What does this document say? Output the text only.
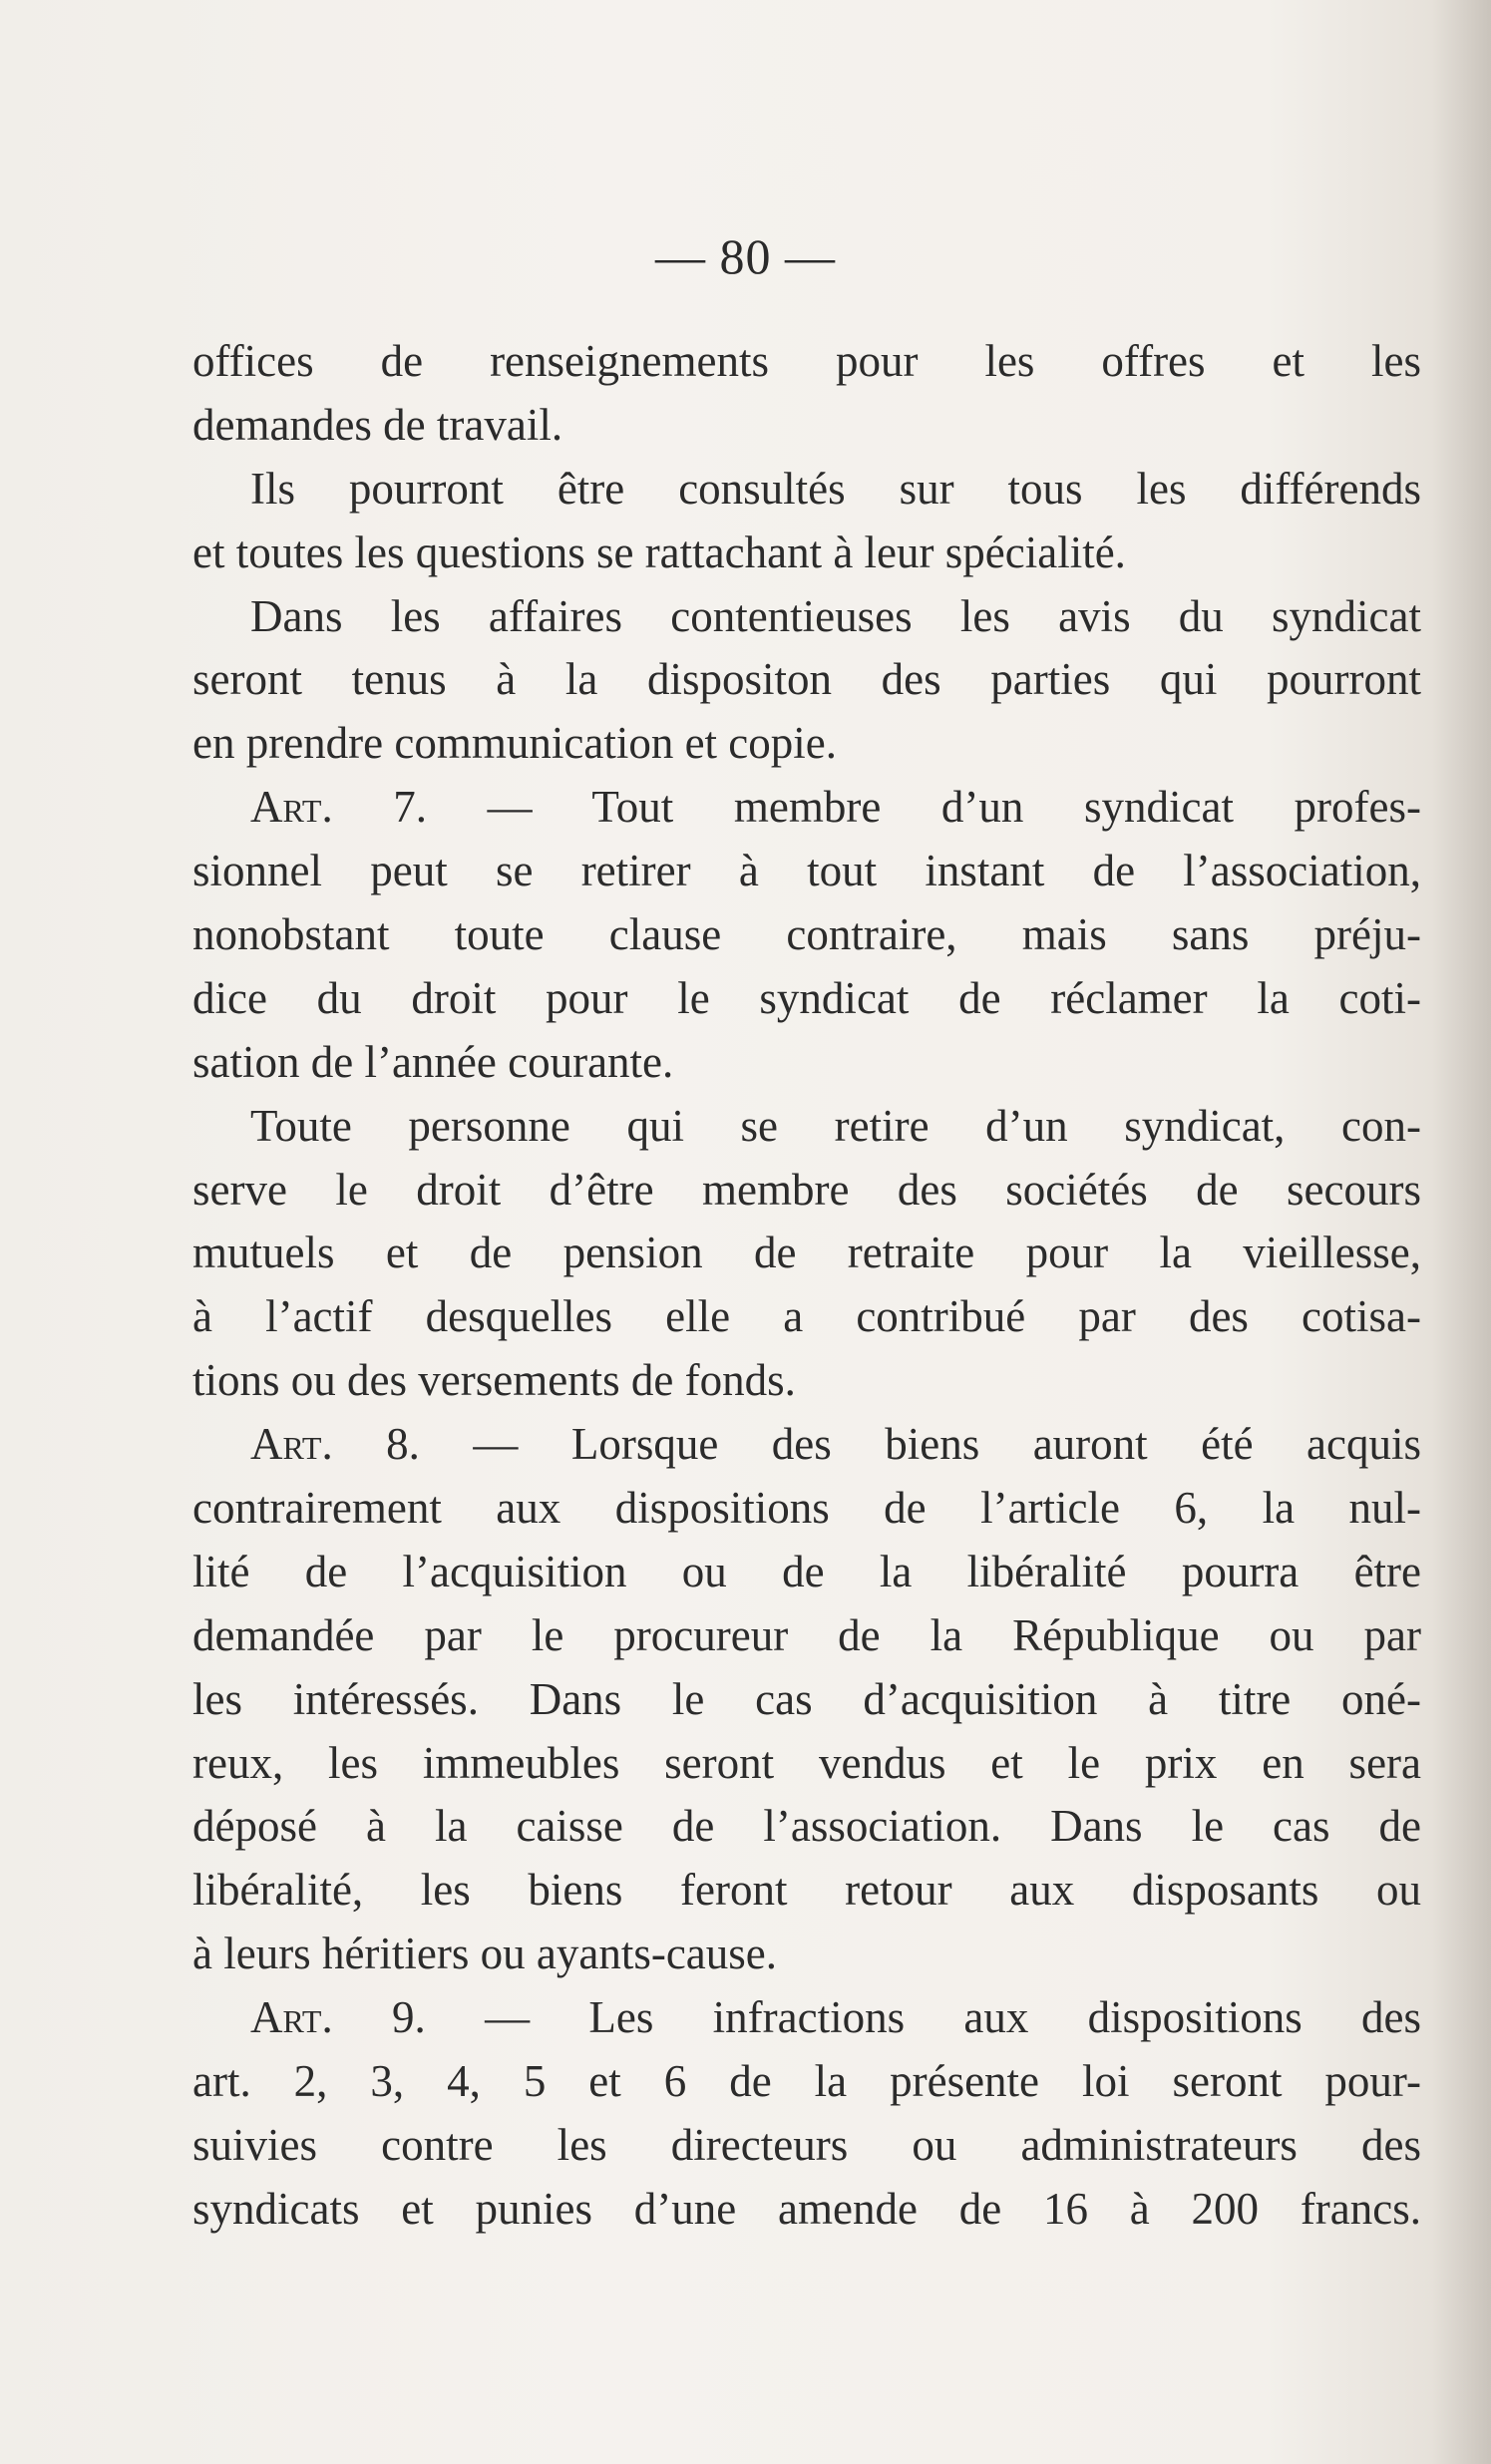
— 80 —
offices de renseignements pour les offres et les
demandes de travail.
Ils pourront être consultés sur tous les différends
et toutes les questions se rattachant à leur spécialité.
Dans les affaires contentieuses les avis du syndicat
seront tenus à la dispositon des parties qui pourront
en prendre communication et copie.
Art. 7. — Tout membre d’un syndicat profes-
sionnel peut se retirer à tout instant de l’association,
nonobstant toute clause contraire, mais sans préju-
dice du droit pour le syndicat de réclamer la coti-
sation de l’année courante.
Toute personne qui se retire d’un syndicat, con-
serve le droit d’être membre des sociétés de secours
mutuels et de pension de retraite pour la vieillesse,
à l’actif desquelles elle a contribué par des cotisa-
tions ou des versements de fonds.
Art. 8. — Lorsque des biens auront été acquis
contrairement aux dispositions de l’article 6, la nul-
lité de l’acquisition ou de la libéralité pourra être
demandée par le procureur de la République ou par
les intéressés. Dans le cas d’acquisition à titre oné-
reux, les immeubles seront vendus et le prix en sera
déposé à la caisse de l’association. Dans le cas de
libéralité, les biens feront retour aux disposants ou
à leurs héritiers ou ayants-cause.
Art. 9. — Les infractions aux dispositions des
art. 2, 3, 4, 5 et 6 de la présente loi seront pour-
suivies contre les directeurs ou administrateurs des
syndicats et punies d’une amende de 16 à 200 francs.
